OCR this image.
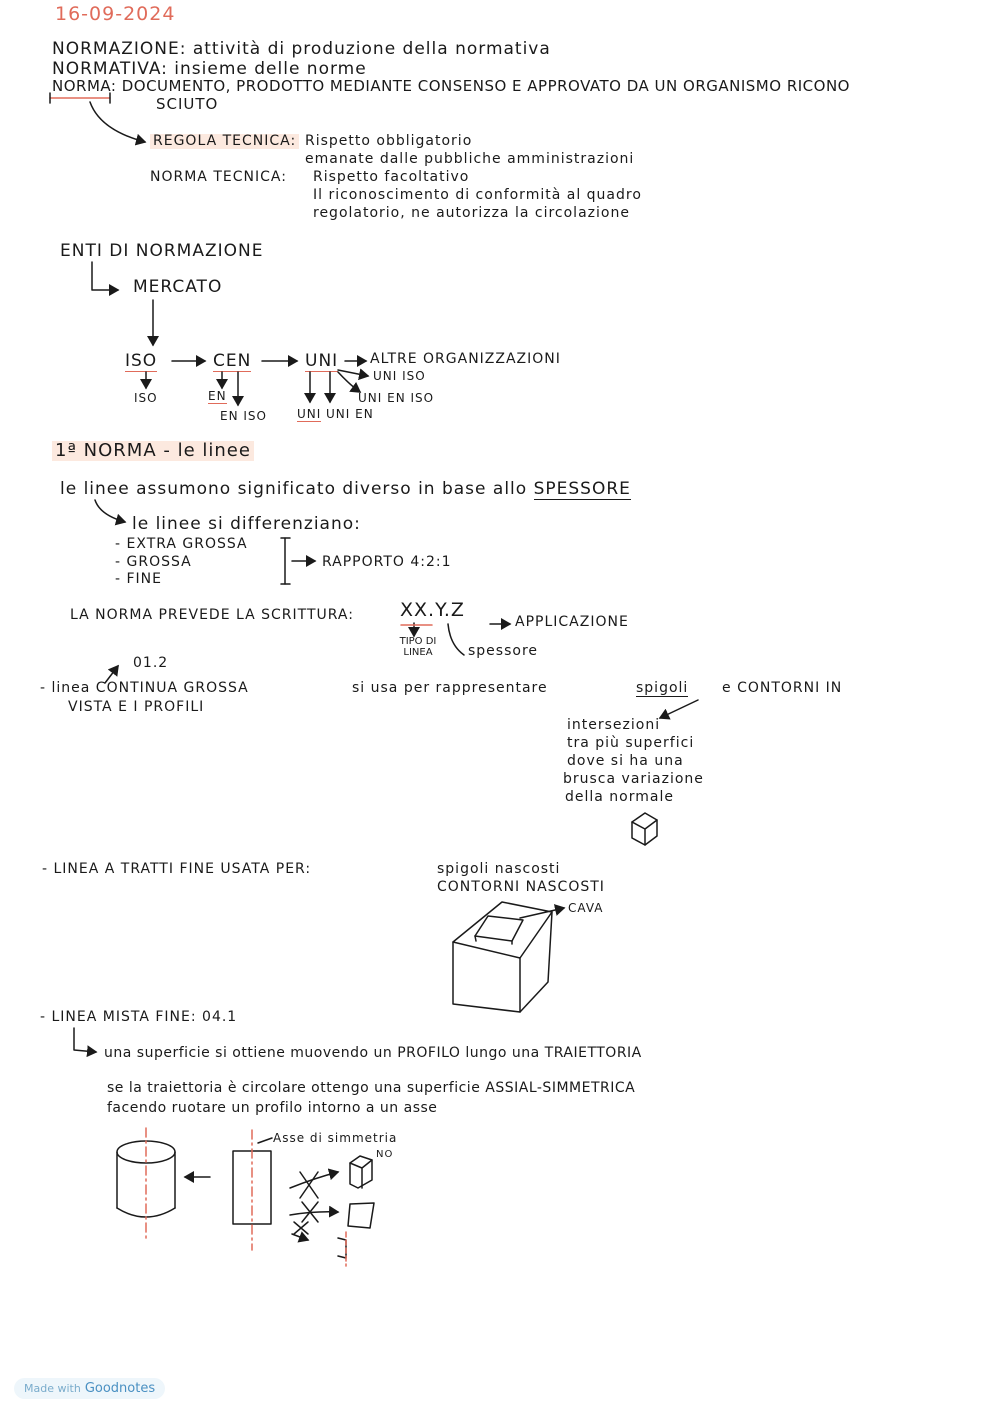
16-09-2024
NORMAZIONE: attività di produzione della normativa
NORMATIVA: insieme delle norme
NORMA: DOCUMENTO, PRODOTTO MEDIANTE CONSENSO E APPROVATO DA UN ORGANISMO RICONO
SCIUTO
REGOLA TECNICA: Rispetto obbligatorio
emanate dalle pubbliche amministrazioni
NORMA TECNICA: Rispetto facoltativo
Il riconoscimento di conformità al quadro
regolatorio, ne autorizza la circolazione
ENTI DI NORMAZIONE
MERCATO
ISO	CEN	UNI ALTRE ORGANIZZAZIONI
UNI ISO
ISO	EN
EN ISO	UNI UNI EN
UNI EN ISO
1ª NORMA - le linee
le linee assumono significato diverso in base allo SPESSORE
le linee si differenziano:
- EXTRA GROSSA
- GROSSA
- FINE
RAPPORTO 4:2:1
LA NORMA PREVEDE LA SCRITTURA: XX.Y.Z
APPLICAZIONE
TIPO DI LINEA	spessore
01.2
- linea CONTINUA GROSSA	si usa per rappresentare	spigoli e CONTORNI IN
VISTA E I PROFILI
intersezioni
tra più superfici
dove si ha una
brusca variazione
della normale
- LINEA A TRATTI FINE USATA PER:	spigoli nascosti
CONTORNI NASCOSTI
CAVA
- LINEA MISTA FINE: 04.1
una superficie si ottiene muovendo un PROFILO lungo una TRAIETTORIA
se la traiettoria è circolare ottengo una superficie ASSIAL-SIMMETRICA
facendo ruotare un profilo intorno a un asse
Asse di simmetria
NO
Made with Goodnotes
